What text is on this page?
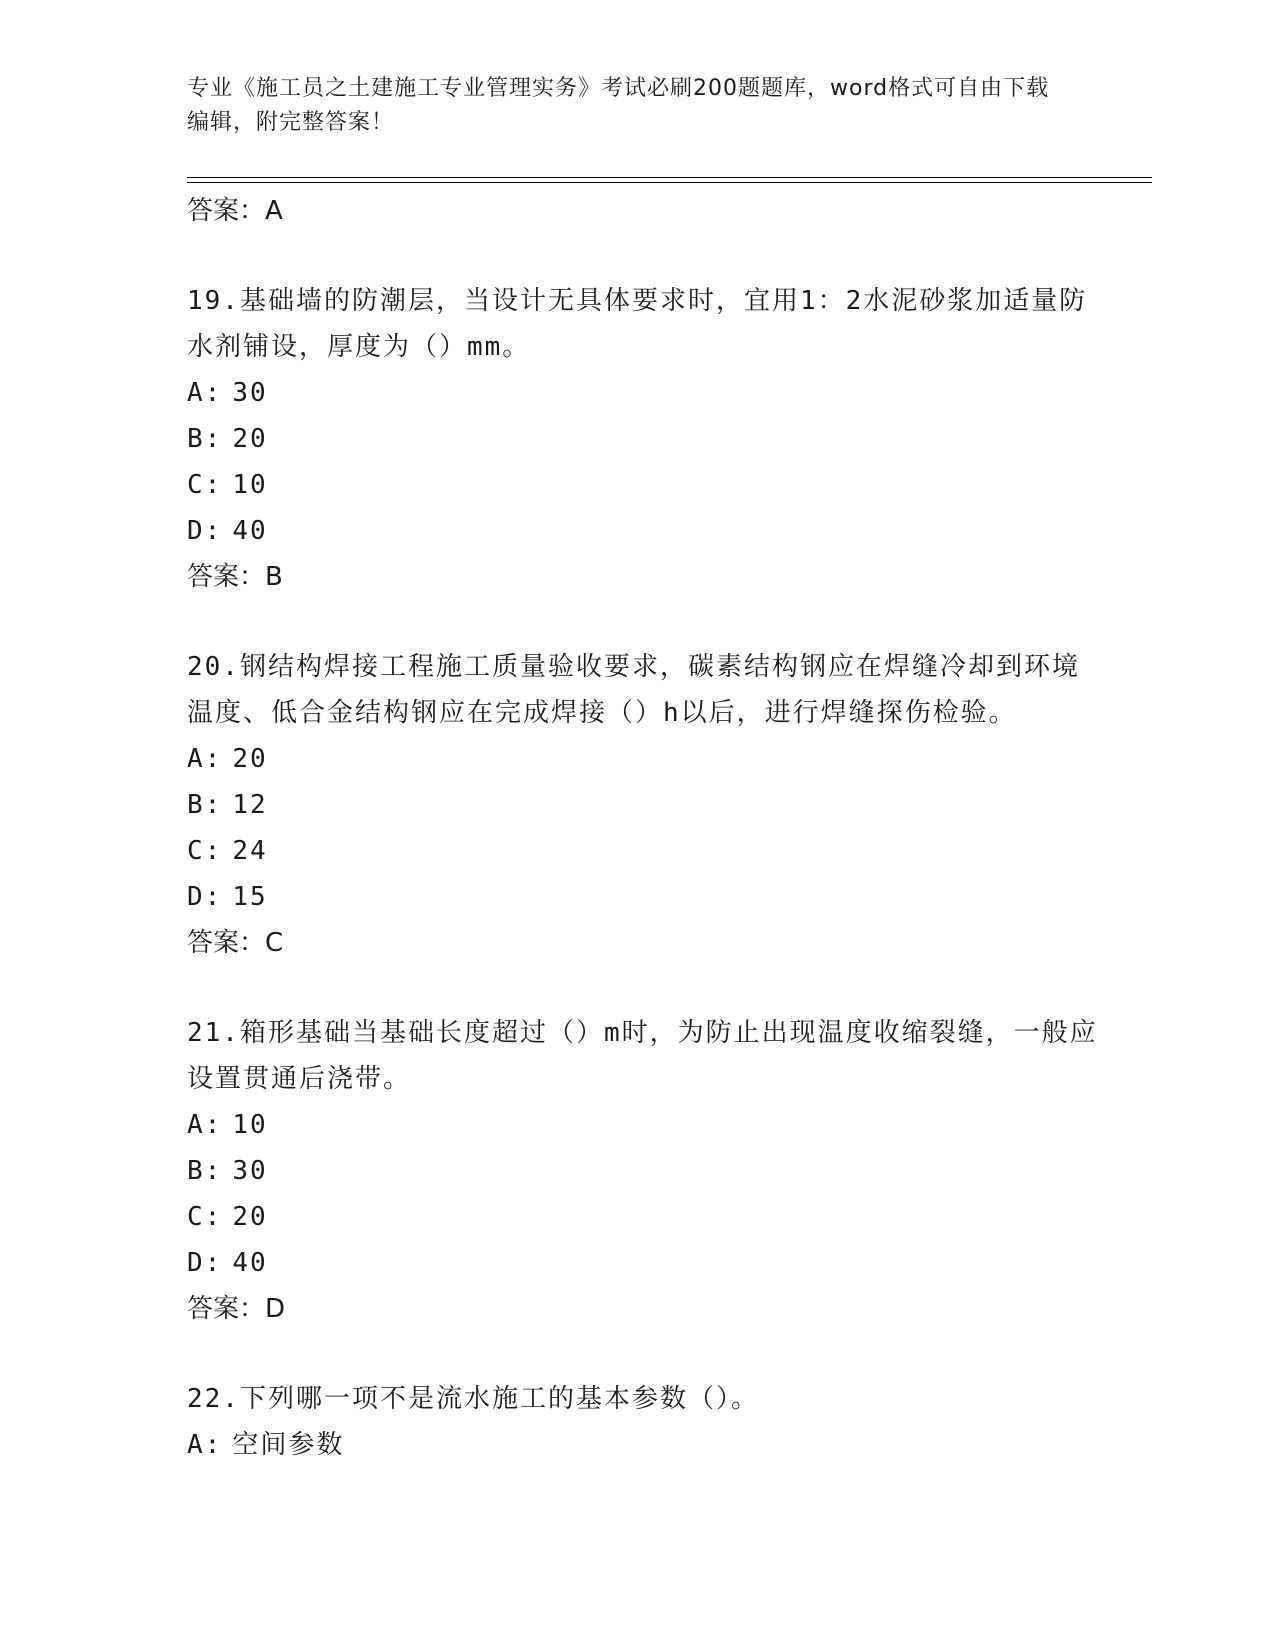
专业《施工员之土建施工专业管理实务》考试必刷200题题库，word格式可自由下载编辑，附完整答案！
答案：A
19.基础墙的防潮层，当设计无具体要求时，宜用1：2水泥砂浆加适量防水剂铺设，厚度为（）mm。
A: 30
B: 20
C: 10
D: 40
答案：B
20.钢结构焊接工程施工质量验收要求，碳素结构钢应在焊缝冷却到环境温度、低合金结构钢应在完成焊接（）h以后，进行焊缝探伤检验。
A: 20
B: 12
C: 24
D: 15
答案：C
21.箱形基础当基础长度超过（）m时，为防止出现温度收缩裂缝，一般应设置贯通后浇带。
A: 10
B: 30
C: 20
D: 40
答案：D
22.下列哪一项不是流水施工的基本参数（）。
A: 空间参数
